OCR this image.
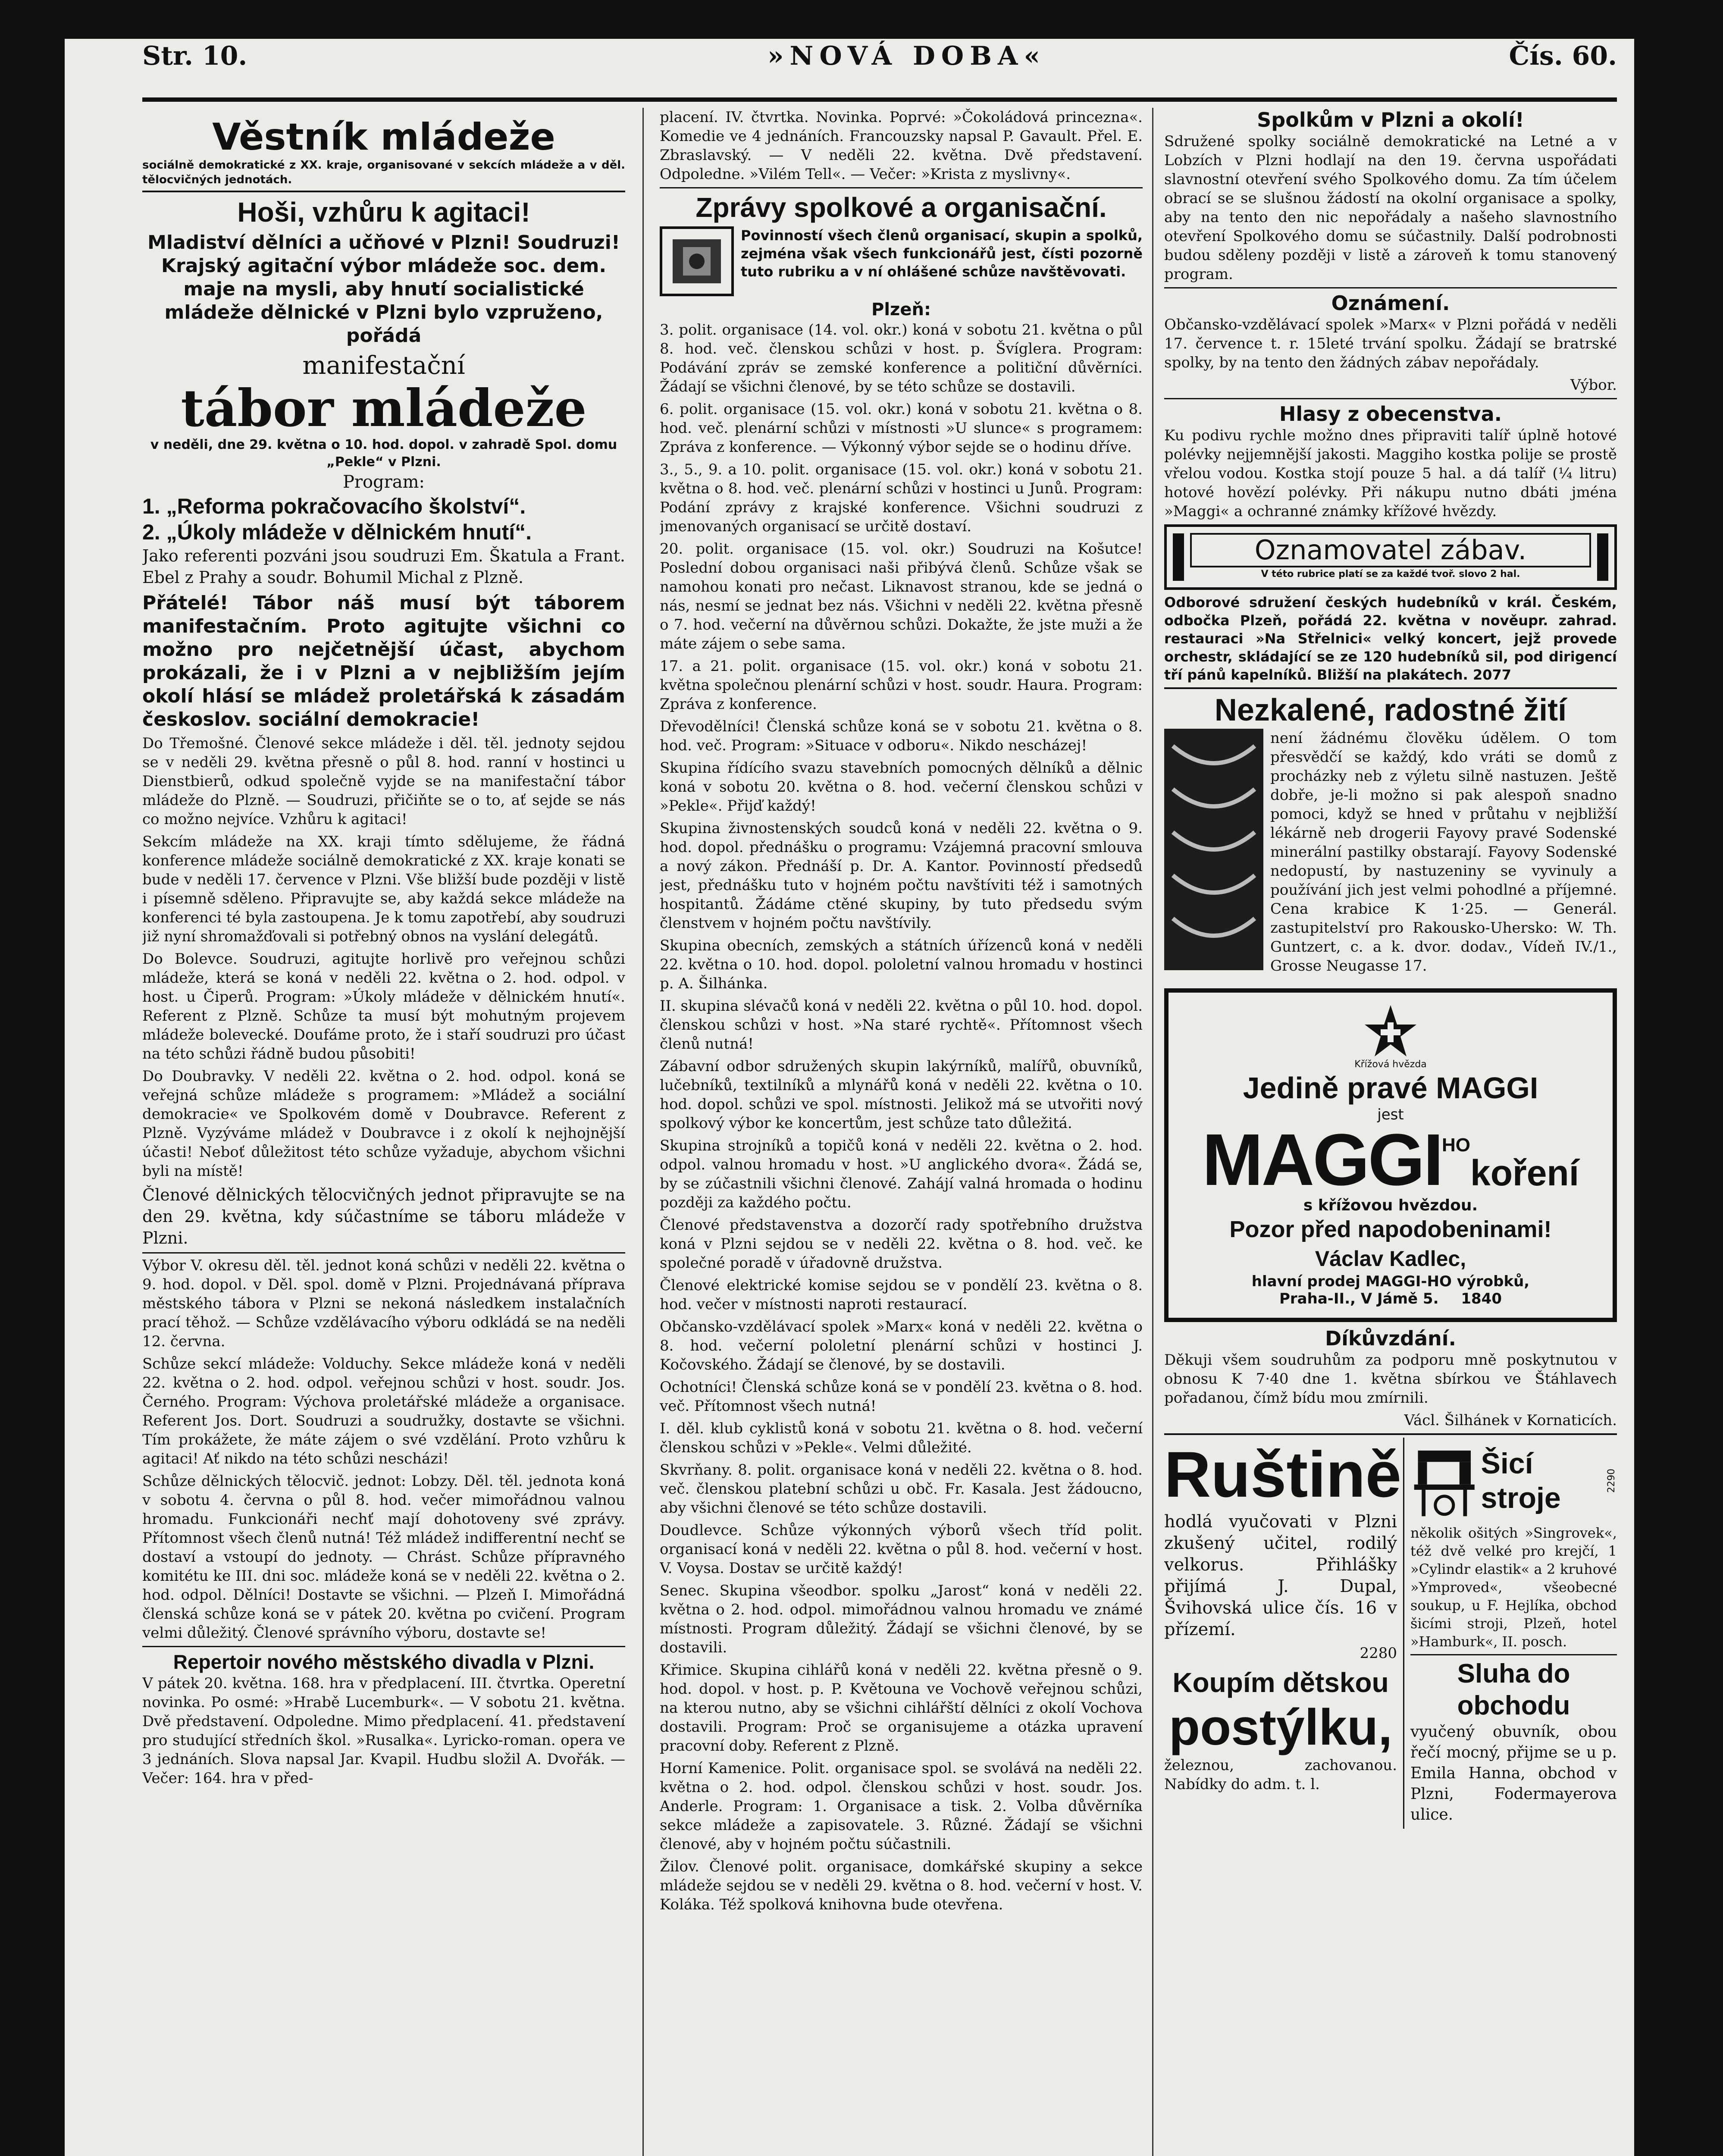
Str. 10.	»NOVÁ DOBA«	Čís. 60.
Věstník mládeže
sociálně demokratické z XX. kraje, organisované v sekcích mládeže a v děl. tělocvičných jednotách.
Hoši, vzhůru k agitaci!
Mladiství dělníci a učňové v Plzni! Soudruzi! Krajský agitační výbor mládeže soc. dem. maje na mysli, aby hnutí socialistické mládeže dělnické v Plzni bylo vzpruženo, pořádá
manifestační
tábor mládeže
v neděli, dne 29. května o 10. hod. dopol. v zahradě Spol. domu „Pekle“ v Plzni.
Program:
1. „Reforma pokračovacího školství“.
2. „Úkoly mládeže v dělnickém hnutí“.
Jako referenti pozváni jsou soudruzi Em. Škatula a Frant. Ebel z Prahy a soudr. Bohumil Michal z Plzně.
Přátelé! Tábor náš musí být táborem manifestačním. Proto agitujte všichni co možno pro nejčetnější účast, abychom prokázali, že i v Plzni a v nejbližším jejím okolí hlásí se mládež proletářská k zásadám českoslov. sociální demokracie!
Do Třemošné. Členové sekce mládeže i děl. těl. jednoty sejdou se v neděli 29. května přesně o půl 8. hod. ranní v hostinci u Dienstbierů, odkud společně vyjde se na manifestační tábor mládeže do Plzně. — Soudruzi, přičiňte se o to, ať sejde se nás co možno nejvíce. Vzhůru k agitaci!
Sekcím mládeže na XX. kraji tímto sdělujeme, že řádná konference mládeže sociálně demokratické z XX. kraje konati se bude v neděli 17. července v Plzni. Vše bližší bude později v listě i písemně sděleno. Připravujte se, aby každá sekce mládeže na konferenci té byla zastoupena. Je k tomu zapotřebí, aby soudruzi již nyní shromažďovali si potřebný obnos na vyslání delegátů.
Do Bolevce. Soudruzi, agitujte horlivě pro veřejnou schůzi mládeže, která se koná v neděli 22. května o 2. hod. odpol. v host. u Čiperů. Program: »Úkoly mládeže v dělnickém hnutí«. Referent z Plzně. Schůze ta musí být mohutným projevem mládeže bolevecké. Doufáme proto, že i staří soudruzi pro účast na této schůzi řádně budou působiti!
Do Doubravky. V neděli 22. května o 2. hod. odpol. koná se veřejná schůze mládeže s programem: »Mládež a sociální demokracie« ve Spolkovém domě v Doubravce. Referent z Plzně. Vyzýváme mládež v Doubravce i z okolí k nejhojnější účasti! Neboť důležitost této schůze vyžaduje, abychom všichni byli na místě!
Členové dělnických tělocvičných jednot připravujte se na den 29. května, kdy súčastníme se táboru mládeže v Plzni.
Výbor V. okresu děl. těl. jednot koná schůzi v neděli 22. května o 9. hod. dopol. v Děl. spol. domě v Plzni. Projednávaná příprava městského tábora v Plzni se nekoná následkem instalačních prací těhož. — Schůze vzdělávacího výboru odkládá se na neděli 12. června.
Schůze sekcí mládeže: Volduchy. Sekce mládeže koná v neděli 22. května o 2. hod. odpol. veřejnou schůzi v host. soudr. Jos. Černého. Program: Výchova proletářské mládeže a organisace. Referent Jos. Dort. Soudruzi a soudružky, dostavte se všichni. Tím prokážete, že máte zájem o své vzdělání. Proto vzhůru k agitaci! Ať nikdo na této schůzi nescházi!
Schůze dělnických tělocvič. jednot: Lobzy. Děl. těl. jednota koná v sobotu 4. června o půl 8. hod. večer mimořádnou valnou hromadu. Funkcionáři nechť mají dohotoveny své zprávy. Přítomnost všech členů nutná! Též mládež indifferentní nechť se dostaví a vstoupí do jednoty. — Chrást. Schůze přípravného komitétu ke III. dni soc. mládeže koná se v neděli 22. května o 2. hod. odpol. Dělníci! Dostavte se všichni. — Plzeň I. Mimořádná členská schůze koná se v pátek 20. května po cvičení. Program velmi důležitý. Členové správního výboru, dostavte se!
Repertoir nového městského divadla v Plzni.
V pátek 20. května. 168. hra v předplacení. III. čtvrtka. Operetní novinka. Po osmé: »Hrabě Lucemburk«. — V sobotu 21. května. Dvě představení. Odpoledne. Mimo předplacení. 41. představení pro studující středních škol. »Rusalka«. Lyricko-roman. opera ve 3 jednáních. Slova napsal Jar. Kvapil. Hudbu složil A. Dvořák. — Večer: 164. hra v před-
placení. IV. čtvrtka. Novinka. Poprvé: »Čokoládová princezna«. Komedie ve 4 jednáních. Francouzsky napsal P. Gavault. Přel. E. Zbraslavský. — V neděli 22. května. Dvě představení. Odpoledne. »Vilém Tell«. — Večer: »Krista z myslivny«.
Zprávy spolkové a organisační.
Povinností všech členů organisací, skupin a spolků, zejména však všech funkcionářů jest, čísti pozorně tuto rubriku a v ní ohlášené schůze navštěvovati.
Plzeň:
3. polit. organisace (14. vol. okr.) koná v sobotu 21. května o půl 8. hod. več. členskou schůzi v host. p. Švíglera. Program: Podávání zpráv se zemské konference a političní důvěrníci. Žádají se všichni členové, by se této schůze se dostavili.
6. polit. organisace (15. vol. okr.) koná v sobotu 21. května o 8. hod. več. plenární schůzi v místnosti »U slunce« s programem: Zpráva z konference. — Výkonný výbor sejde se o hodinu dříve.
3., 5., 9. a 10. polit. organisace (15. vol. okr.) koná v sobotu 21. května o 8. hod. več. plenární schůzi v hostinci u Junů. Program: Podání zprávy z krajské konference. Všichni soudruzi z jmenovaných organisací se určitě dostaví.
20. polit. organisace (15. vol. okr.) Soudruzi na Košutce! Poslední dobou organisaci naši přibývá členů. Schůze však se namohou konati pro nečast. Liknavost stranou, kde se jedná o nás, nesmí se jednat bez nás. Všichni v neděli 22. května přesně o 7. hod. večerní na důvěrnou schůzi. Dokažte, že jste muži a že máte zájem o sebe sama.
17. a 21. polit. organisace (15. vol. okr.) koná v sobotu 21. května společnou plenární schůzi v host. soudr. Haura. Program: Zpráva z konference.
Dřevodělníci! Členská schůze koná se v sobotu 21. května o 8. hod. več. Program: »Situace v odboru«. Nikdo nescházej!
Skupina řídícího svazu stavebních pomocných dělníků a dělnic koná v sobotu 20. května o 8. hod. večerní členskou schůzi v »Pekle«. Přijď každý!
Skupina živnostenských soudců koná v neděli 22. května o 9. hod. dopol. přednášku o programu: Vzájemná pracovní smlouva a nový zákon. Přednáší p. Dr. A. Kantor. Povinností předsedů jest, přednášku tuto v hojném počtu navštíviti též i samotných hospitantů. Žádáme ctěné skupiny, by tuto předsedu svým členstvem v hojném počtu navštívily.
Skupina obecních, zemských a státních úřízenců koná v neděli 22. května o 10. hod. dopol. pololetní valnou hromadu v hostinci p. A. Šilhánka.
II. skupina slévačů koná v neděli 22. května o půl 10. hod. dopol. členskou schůzi v host. »Na staré rychtě«. Přítomnost všech členů nutná!
Zábavní odbor sdružených skupin lakýrníků, malířů, obuvníků, lučebníků, textilníků a mlynářů koná v neděli 22. května o 10. hod. dopol. schůzi ve spol. místnosti. Jelikož má se utvořiti nový spolkový výbor ke koncertům, jest schůze tato důležitá.
Skupina strojníků a topičů koná v neděli 22. května o 2. hod. odpol. valnou hromadu v host. »U anglického dvora«. Žádá se, by se zúčastnili všichni členové. Zahájí valná hromada o hodinu později za každého počtu.
Členové představenstva a dozorčí rady spotřebního družstva koná v Plzni sejdou se v neděli 22. května o 8. hod. več. ke společné poradě v úřadovně družstva.
Členové elektrické komise sejdou se v pondělí 23. května o 8. hod. večer v místnosti naproti restaurací.
Občansko-vzdělávací spolek »Marx« koná v neděli 22. května o 8. hod. večerní pololetní plenární schůzi v hostinci J. Kočovského. Žádají se členové, by se dostavili.
Ochotníci! Členská schůze koná se v pondělí 23. května o 8. hod. več. Přítomnost všech nutná!
I. děl. klub cyklistů koná v sobotu 21. května o 8. hod. večerní členskou schůzi v »Pekle«. Velmi důležité.
Skvrňany. 8. polit. organisace koná v neděli 22. května o 8. hod. več. členskou platební schůzi u obč. Fr. Kasala. Jest žádoucno, aby všichni členové se této schůze dostavili.
Doudlevce. Schůze výkonných výborů všech tříd polit. organisací koná v neděli 22. května o půl 8. hod. večerní v host. V. Voysa. Dostav se určitě každý!
Senec. Skupina všeodbor. spolku „Jarost“ koná v neděli 22. května o 2. hod. odpol. mimořádnou valnou hromadu ve známé místnosti. Program důležitý. Žádají se všichni členové, by se dostavili.
Křimice. Skupina cihlářů koná v neděli 22. května přesně o 9. hod. dopol. v host. p. P. Květouna ve Vochově veřejnou schůzi, na kterou nutno, aby se všichni cihlářští dělníci z okolí Vochova dostavili. Program: Proč se organisujeme a otázka upravení pracovní doby. Referent z Plzně.
Horní Kamenice. Polit. organisace spol. se svolává na neděli 22. května o 2. hod. odpol. členskou schůzi v host. soudr. Jos. Anderle. Program: 1. Organisace a tisk. 2. Volba důvěrníka sekce mládeže a zapisovatele. 3. Různé. Žádají se všichni členové, aby v hojném počtu súčastnili.
Žilov. Členové polit. organisace, domkářské skupiny a sekce mládeže sejdou se v neděli 29. května o 8. hod. večerní v host. V. Koláka. Též spolková knihovna bude otevřena.
Spolkům v Plzni a okolí!
Sdružené spolky sociálně demokratické na Letné a v Lobzích v Plzni hodlají na den 19. června uspořádati slavnostní otevření svého Spolkového domu. Za tím účelem obrací se se slušnou žádostí na okolní organisace a spolky, aby na tento den nic nepořádaly a našeho slavnostního otevření Spolkového domu se súčastnily. Další podrobnosti budou sděleny později v listě a zároveň k tomu stanovený program.
Oznámení.
Občansko-vzdělávací spolek »Marx« v Plzni pořádá v neděli 17. července t. r. 15leté trvání spolku. Žádají se bratrské spolky, by na tento den žádných zábav nepořádaly.
Výbor.
Hlasy z obecenstva.
Ku podivu rychle možno dnes připraviti talíř úplně hotové polévky nejjemnější jakosti. Maggiho kostka polije se prostě vřelou vodou. Kostka stojí pouze 5 hal. a dá talíř (¼ litru) hotové hovězí polévky. Při nákupu nutno dbáti jména »Maggi« a ochranné známky křížové hvězdy.
Oznamovatel zábav.
V této rubrice platí se za každé tvoř. slovo 2 hal.
Odborové sdružení českých hudebníků v král. Českém, odbočka Plzeň, pořádá 22. května v nověupr. zahrad. restauraci »Na Střelnici« velký koncert, jejž provede orchestr, skládající se ze 120 hudebníků sil, pod dirigencí tří pánů kapelníků. Bližší na plakátech. 2077
Nezkalené, radostné žití
není žádnému člověku údělem. O tom přesvědčí se každý, kdo vráti se domů z procházky neb z výletu silně nastuzen. Ještě dobře, je-li možno si pak alespoň snadno pomoci, když se hned v průtahu v nejbližší lékárně neb drogerii Fayovy pravé Sodenské minerální pastilky obstarají. Fayovy Sodenské nedopustí, by nastuzeniny se vyvinuly a používání jich jest velmi pohodlné a příjemné. Cena krabice K 1·25. — Generál. zastupitelství pro Rakousko-Uhersko: W. Th. Guntzert, c. a k. dvor. dodav., Vídeň IV./1., Grosse Neugasse 17.
Křížová hvězda
Jedině pravé MAGGI
jest
MAGGI HO
koření
s křížovou hvězdou.
Pozor před napodobeninami!
Václav Kadlec,
hlavní prodej MAGGI-HO výrobků,
Praha-II., V Jámě 5. 1840
Díkůvzdání.
Děkuji všem soudruhům za podporu mně poskytnutou v obnosu K 7·40 dne 1. května sbírkou ve Štáhlavech pořadanou, čímž bídu mou zmírnili.
Václ. Šilhánek v Kornaticích.
Ruštině
hodlá vyučovati v Plzni zkušený učitel, rodilý velkorus. Přihlášky přijímá J. Dupal, Švihovská ulice čís. 16 v přízemí.
2280
Koupím dětskou
postýlku,
železnou, zachovanou. Nabídky do adm. t. l.
Šicí stroje
2290
několik ošitých »Singrovek«, též dvě velké pro krejčí, 1 »Cylindr elastik« a 2 kruhové »Ymproved«, všeobecné soukup, u F. Hejlíka, obchod šicími stroji, Plzeň, hotel »Hamburk«, II. posch.
Sluha do obchodu
vyučený obuvník, obou řečí mocný, přijme se u p. Emila Hanna, obchod v Plzni, Fodermayerova ulice.
